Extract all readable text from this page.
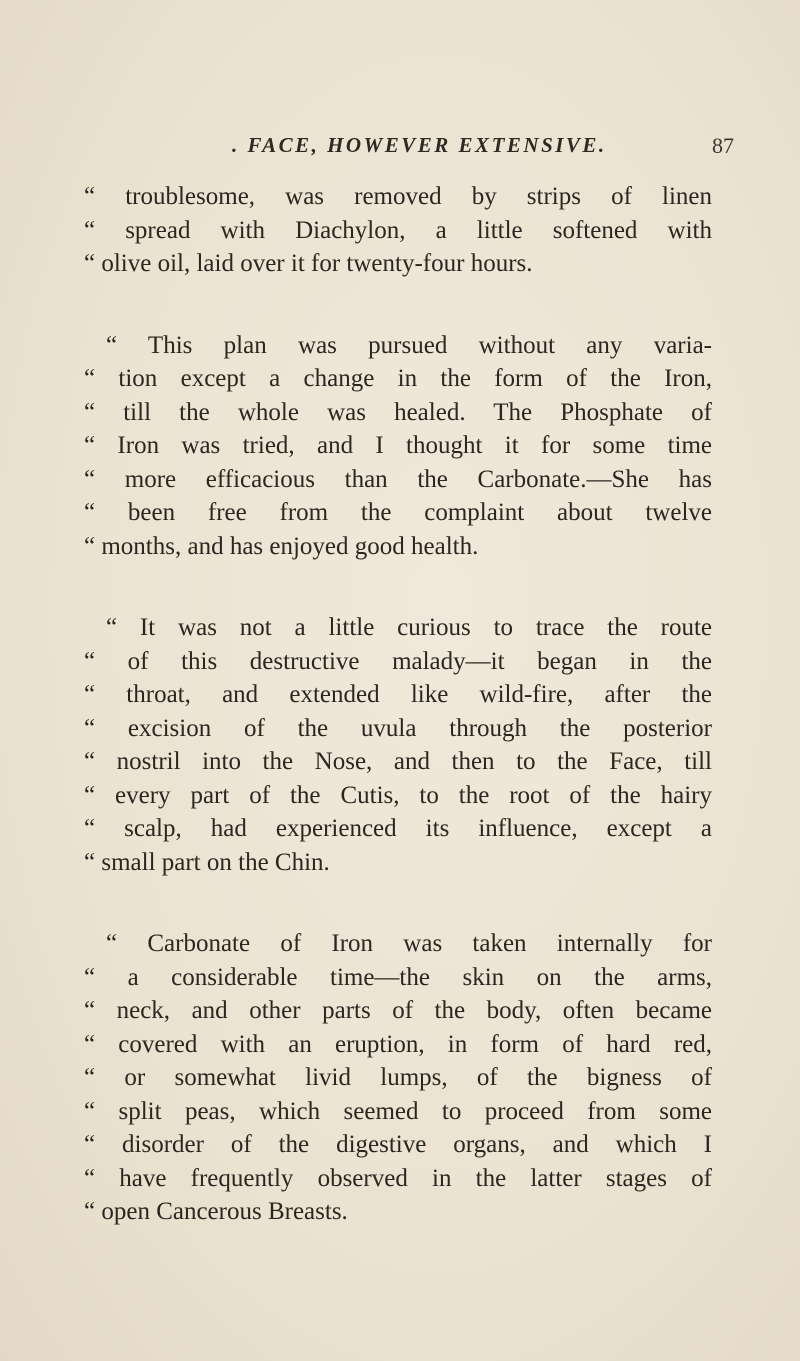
. FACE, HOWEVER EXTENSIVE.	87

“ troublesome, was removed by strips of linen
“ spread with Diachylon, a little softened with
“ olive oil, laid over it for twenty-four hours.

“ This plan was pursued without any varia-
“ tion except a change in the form of the Iron,
“ till the whole was healed. The Phosphate of
“ Iron was tried, and I thought it for some time
“ more efficacious than the Carbonate.—She has
“ been free from the complaint about twelve
“ months, and has enjoyed good health.

“ It was not a little curious to trace the route
“ of this destructive malady—it began in the
“ throat, and extended like wild-fire, after the
“ excision of the uvula through the posterior
“ nostril into the Nose, and then to the Face, till
“ every part of the Cutis, to the root of the hairy
“ scalp, had experienced its influence, except a
“ small part on the Chin.

“ Carbonate of Iron was taken internally for
“ a considerable time—the skin on the arms,
“ neck, and other parts of the body, often became
“ covered with an eruption, in form of hard red,
“ or somewhat livid lumps, of the bigness of
“ split peas, which seemed to proceed from some
“ disorder of the digestive organs, and which I
“ have frequently observed in the latter stages of
“ open Cancerous Breasts.
